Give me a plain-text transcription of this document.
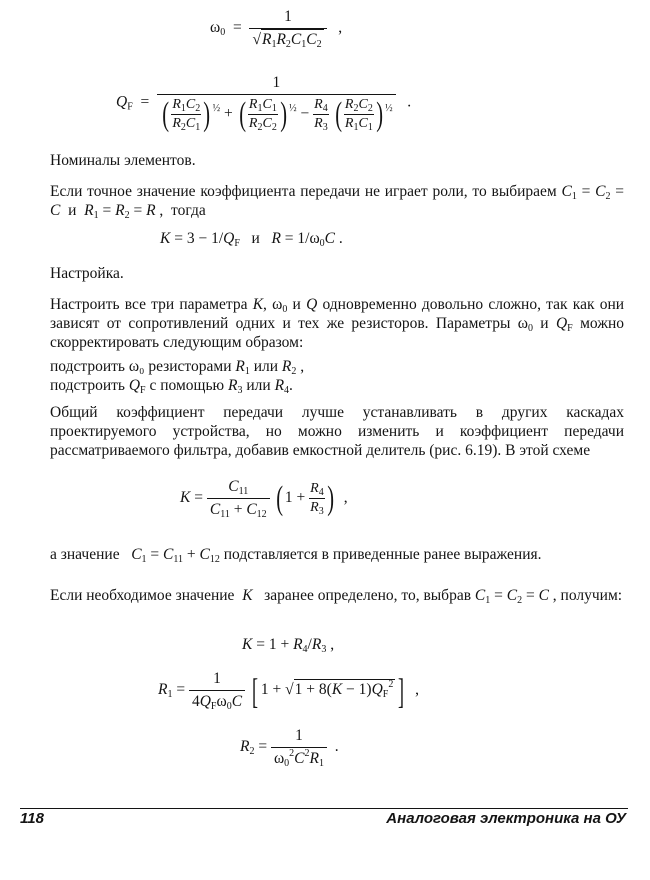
$\omega_0 = \frac{1}{√R_1R_2C_1C_2}$ ,
$Q_F$  =
1
( $\frac{R_1C_2}{R_2C_1}$ ) $^{\frac{1}{2}}$ + ( $\frac{R_1C_1}{R_2C_2}$ ) $^{\frac{1}{2}} - \frac{R_4}{R_3}$ ( $\frac{R_2C_2}{R_1C_1}$ ) $^{\frac{1}{2}}$ .
Номиналы элементов.

Если точное значение коэффициента передачи не играет роли, то выбираем $C_1 = C_2 = C$ и $R_1 = R_2 = R$ ,  тогда

$K = 3 - 1/Q_F$   и   $R = 1/\omega_0C$ .
Настройка.

Настроить все три параметра K, $\omega_0$ и Q одновременно довольно сложно, так как они зависят от сопротивлений одних и тех же резисторов. Параметры $\omega_0$ и $Q_F$ можно скорректировать следующим образом:

подстроить ω₀ резисторами $R_1$ или $R_2$ ,
подстроить $Q_F$ с помощью $R_3$ или $R_4$.

Общий коэффициент передачи лучше устанавливать в других каскадах проектируемого устройства, но можно изменить и коэффициент передачи рассматриваемого фильтра, добавив емкостной делитель (рис. 6.19). В этой схеме

$K = \frac{C_{11}}{C_{11} + C_{12}}$ ( $1 + \frac{R_4}{R_3}$ )  ,

а значение $C_1 = C_{11} + C_{12}$ подставляется в приведенные ранее выражения.

Если необходимое значение K заранее определено, то, выбрав $C_1 = C_2 = C$ , получим:

$K = 1 + R_4/R_3$ ,
$R_1 = \frac{1}{4Q_F\omega_0C}$ [ $1 + √1 + 8(K - 1)Q_F^2$ ]  ,
$R_2 = \frac{1}{\omega_0^2C^2R_1}$ .
118	Аналоговая электроника на ОУ
